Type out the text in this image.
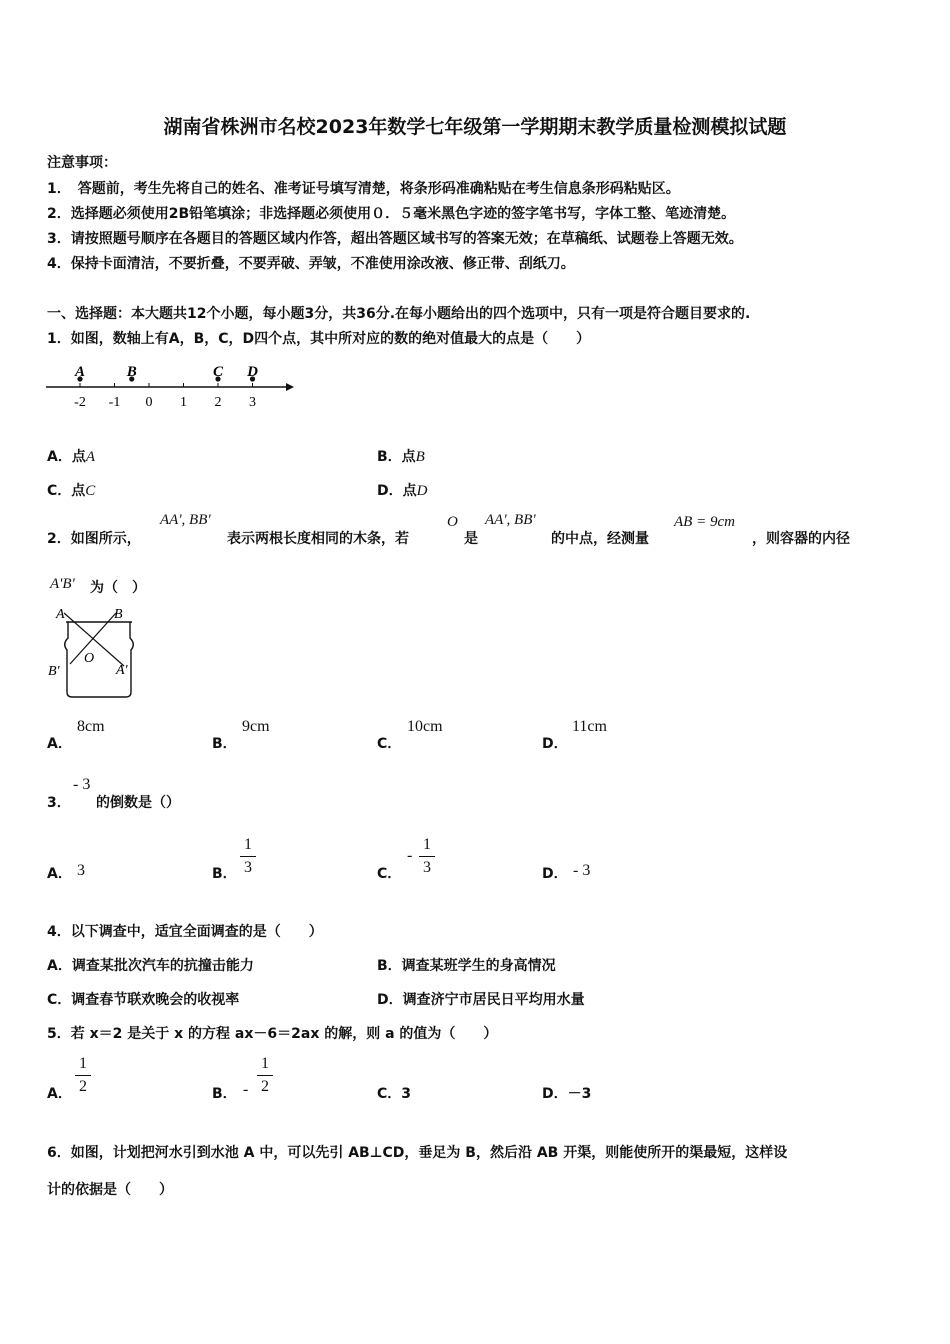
湖南省株洲市名校2023年数学七年级第一学期期末教学质量检测模拟试题
注意事项：
1．　答题前，考生先将自己的姓名、准考证号填写清楚，将条形码准确粘贴在考生信息条形码粘贴区。
2．选择题必须使用2B铅笔填涂；非选择题必须使用０．５毫米黑色字迹的签字笔书写，字体工整、笔迹清楚。
3．请按照题号顺序在各题目的答题区域内作答，超出答题区域书写的答案无效；在草稿纸、试题卷上答题无效。
4．保持卡面清洁，不要折叠，不要弄破、弄皱，不准使用涂改液、修正带、刮纸刀。
一、选择题：本大题共12个小题，每小题3分，共36分.在每小题给出的四个选项中，只有一项是符合题目要求的.
1．如图，数轴上有A，B，C，D四个点，其中所对应的数的绝对值最大的点是（　　）
-2 -1 0 1 2 3
A	B	C D
A．点A	B．点B
C．点C	D．点D
2．如图所示，
AA', BB'
表示两根长度相同的木条，若
O
是
AA', BB'
的中点，经测量
AB = 9cm
，则容器的内径
A'B' 为（　）
A	B
O
B'	A'
A．
8cm
B．
9cm
C．
10cm
D．
11cm
3．
- 3
的倒数是（）
A． 3	B．
1
3	C．
-
1
3	D． - 3
4．以下调查中，适宜全面调查的是（　　）
A．调查某批次汽车的抗撞击能力	B．调查某班学生的身高情况
C．调查春节联欢晚会的收视率	D．调查济宁市居民日平均用水量
5．若 x＝2 是关于 x 的方程 ax－6＝2ax 的解，则 a 的值为（　　）
A．
1
2	B． -
1
2	C．3	D．－3
6．如图，计划把河水引到水池 A 中，可以先引 AB⊥CD，垂足为 B，然后沿 AB 开渠，则能使所开的渠最短，这样设
计的依据是（　　）
